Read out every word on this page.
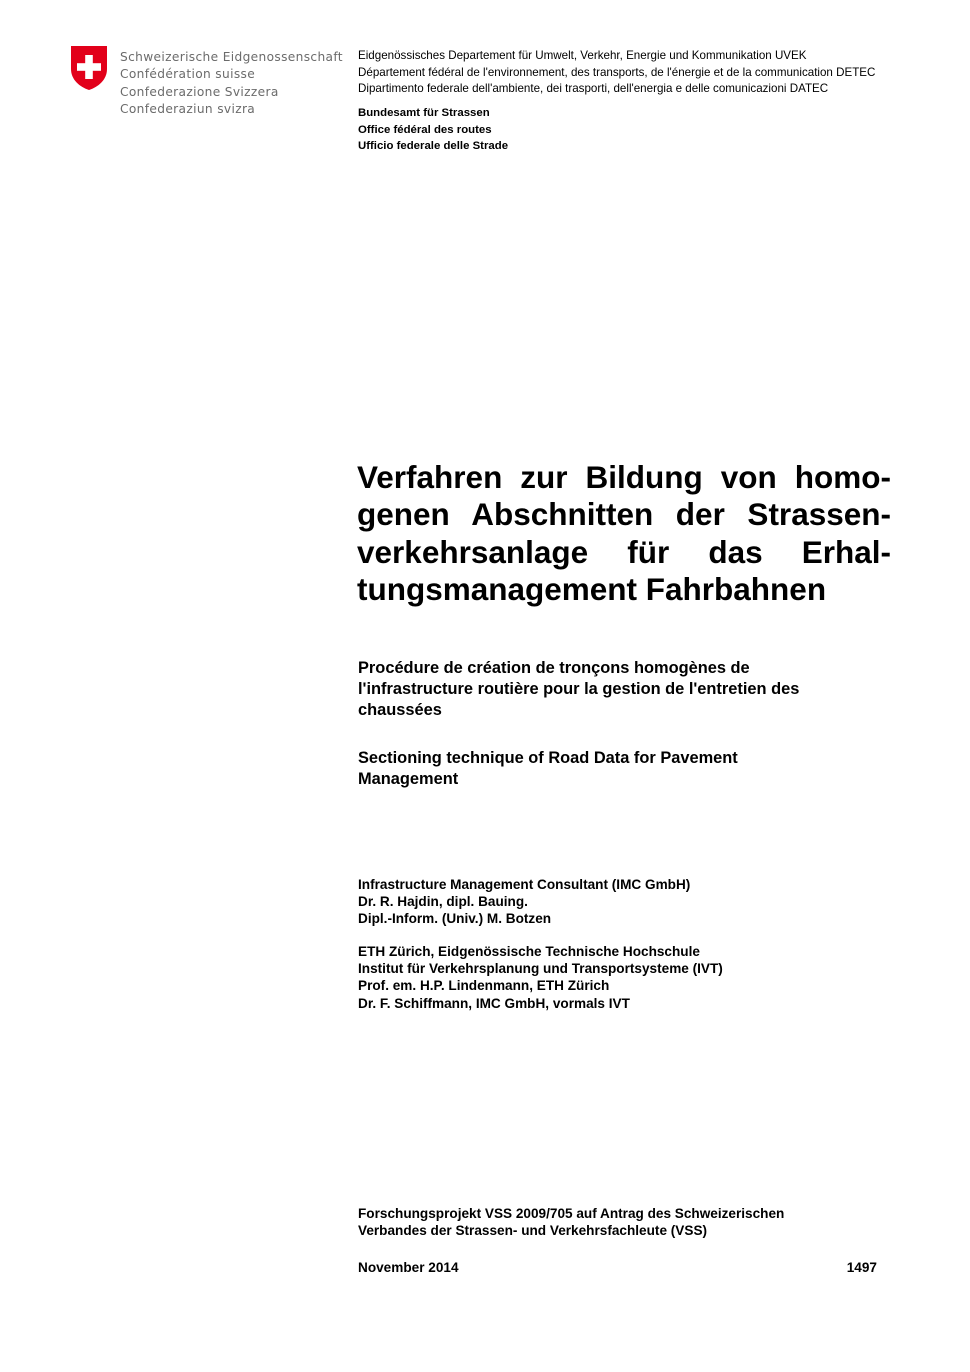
Schweizerische Eidgenossenschaft
Confédération suisse
Confederazione Svizzera
Confederaziun svizra
Eidgenössisches Departement für Umwelt, Verkehr, Energie und Kommunikation UVEK
Département fédéral de l'environnement, des transports, de l'énergie et de la communication DETEC
Dipartimento federale dell'ambiente, dei trasporti, dell'energia e delle comunicazioni DATEC
Bundesamt für Strassen
Office fédéral des routes
Ufficio federale delle Strade
Verfahren zur Bildung von homo-
genen Abschnitten der Strassen-
verkehrsanlage für das Erhal-
tungsmanagement Fahrbahnen
Procédure de création de tronçons homogènes de
l'infrastructure routière pour la gestion de l'entretien des
chaussées
Sectioning technique of Road Data for Pavement
Management
Infrastructure Management Consultant (IMC GmbH)
Dr. R. Hajdin, dipl. Bauing.
Dipl.-Inform. (Univ.) M. Botzen
ETH Zürich, Eidgenössische Technische Hochschule
Institut für Verkehrsplanung und Transportsysteme (IVT)
Prof. em. H.P. Lindenmann, ETH Zürich
Dr. F. Schiffmann, IMC GmbH, vormals IVT
Forschungsprojekt VSS 2009/705 auf Antrag des Schweizerischen
Verbandes der Strassen- und Verkehrsfachleute (VSS)
November 2014	1497
